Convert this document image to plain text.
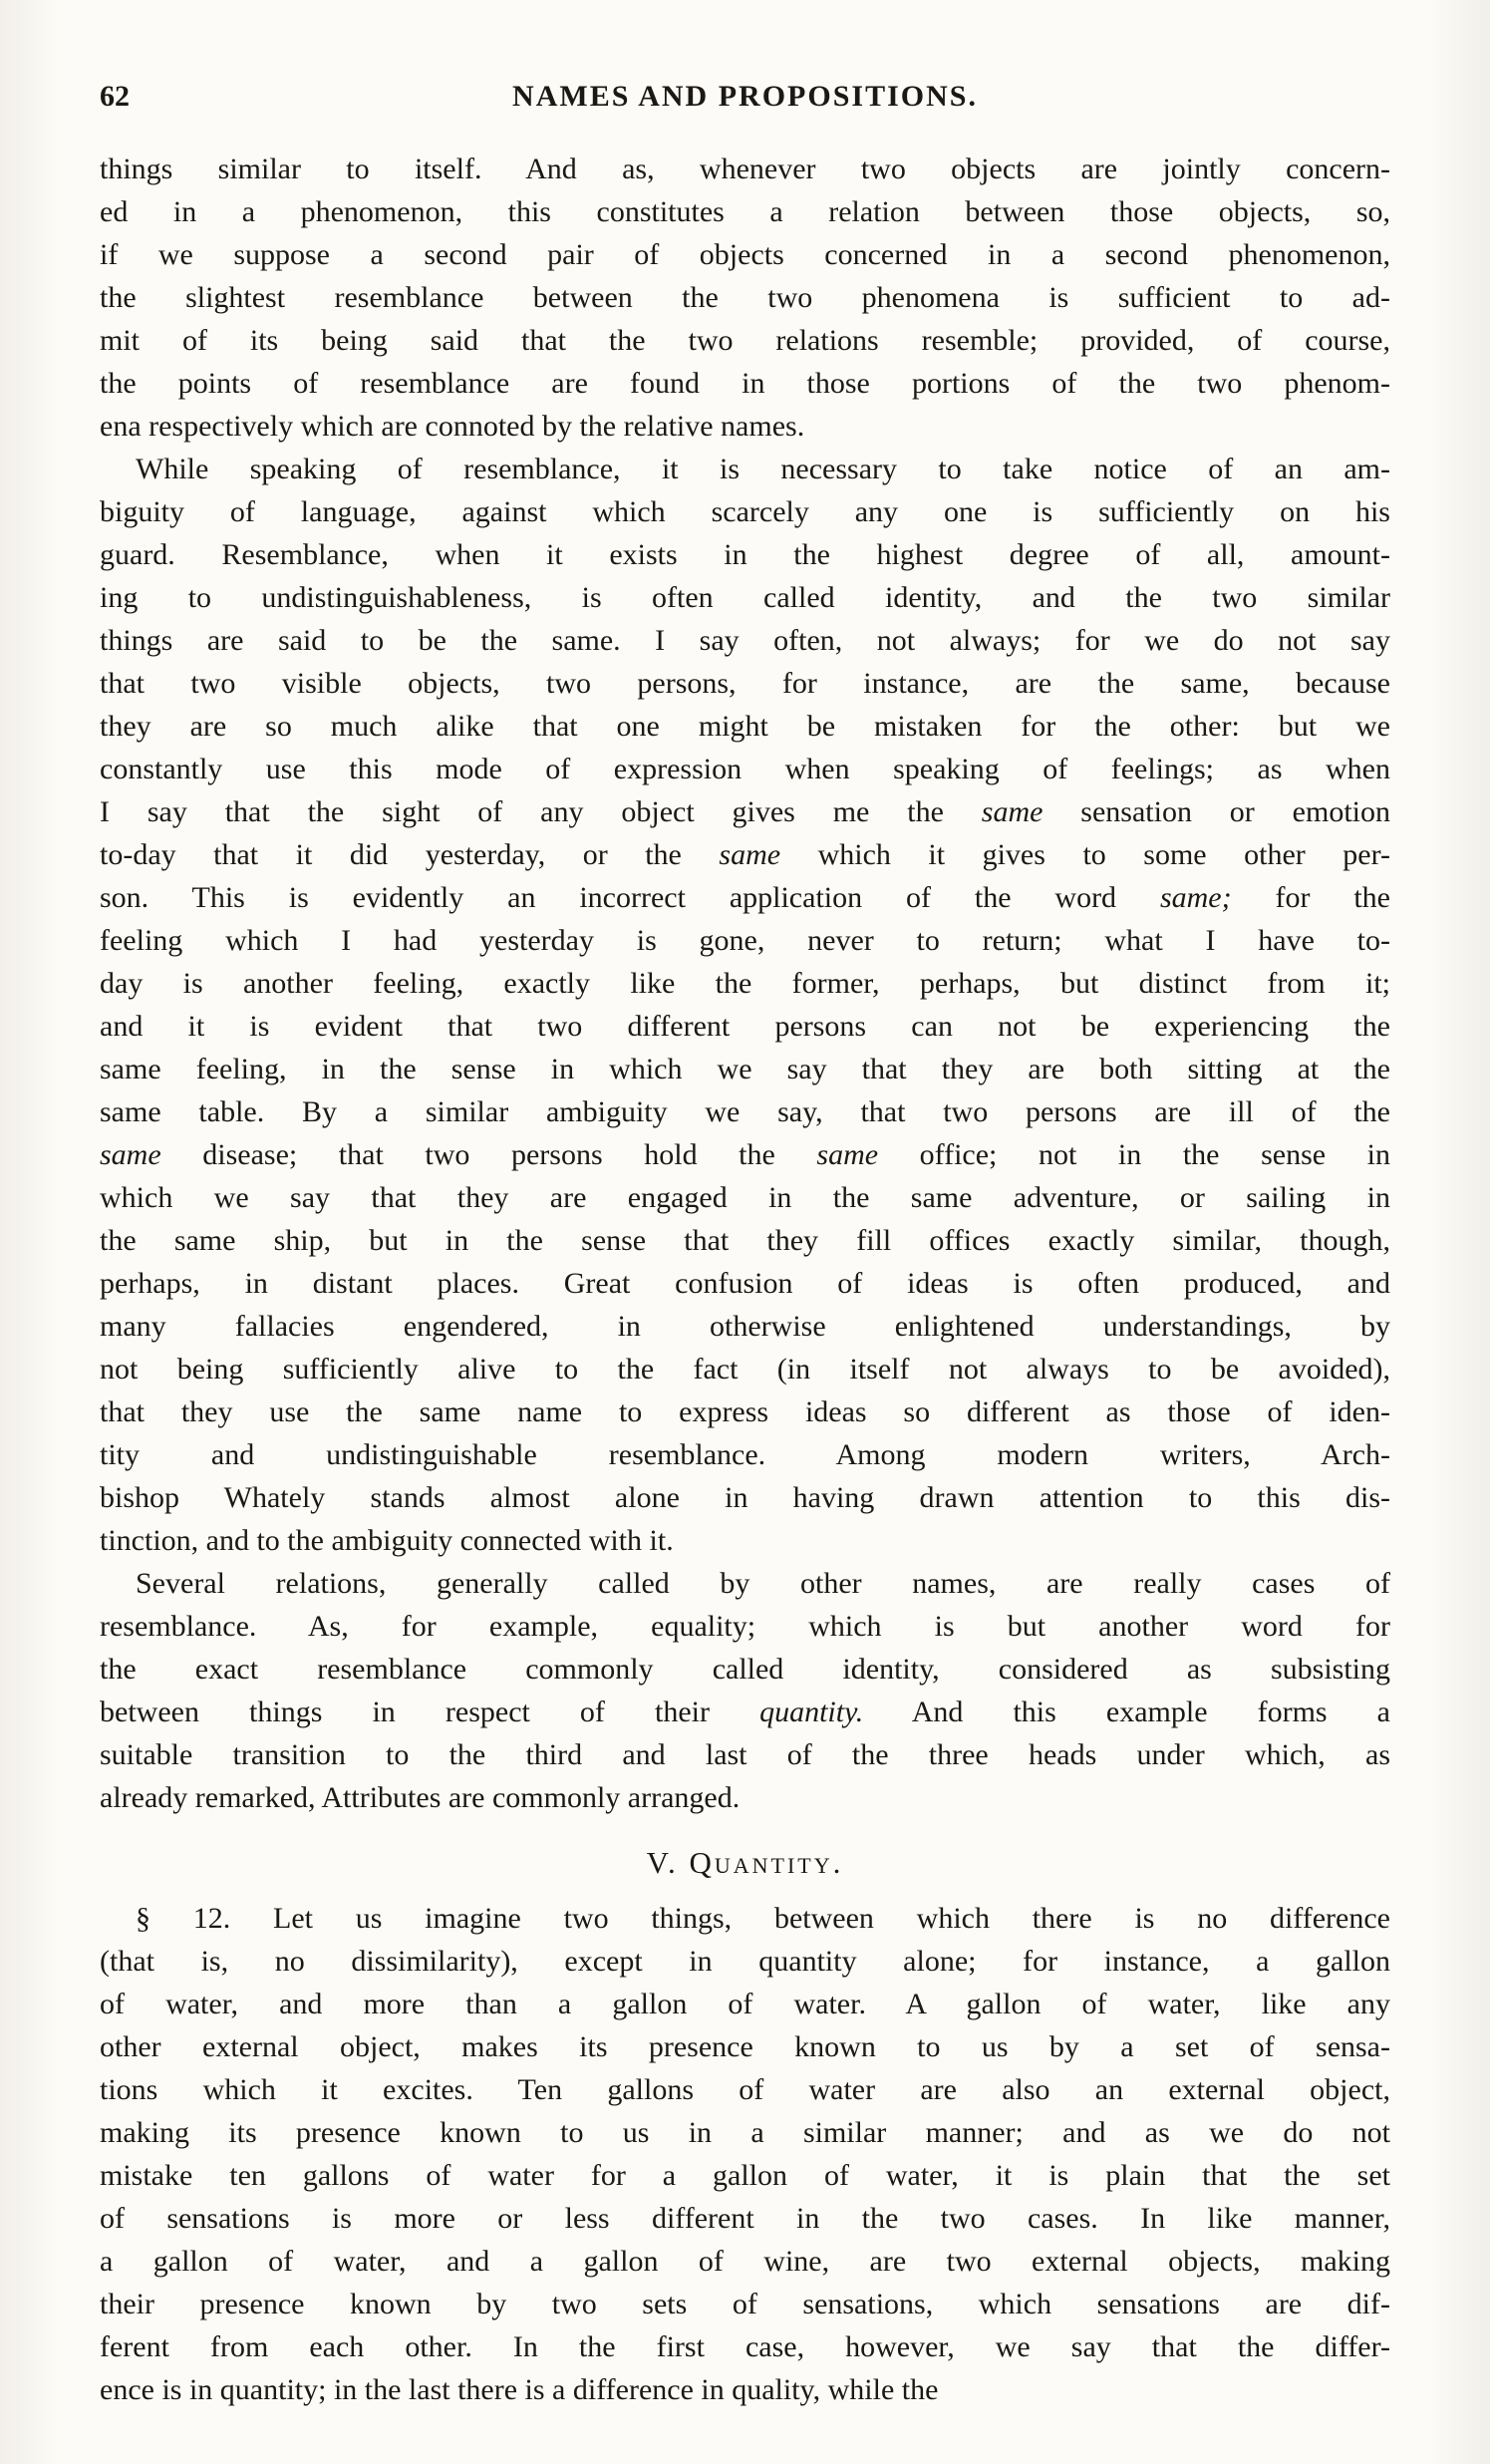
62	NAMES AND PROPOSITIONS.
things similar to itself. And as, whenever two objects are jointly concern-
ed in a phenomenon, this constitutes a relation between those objects, so,
if we suppose a second pair of objects concerned in a second phenomenon,
the slightest resemblance between the two phenomena is sufficient to ad-
mit of its being said that the two relations resemble; provided, of course,
the points of resemblance are found in those portions of the two phenom-
ena respectively which are connoted by the relative names.
While speaking of resemblance, it is necessary to take notice of an am-
biguity of language, against which scarcely any one is sufficiently on his
guard. Resemblance, when it exists in the highest degree of all, amount-
ing to undistinguishableness, is often called identity, and the two similar
things are said to be the same. I say often, not always; for we do not say
that two visible objects, two persons, for instance, are the same, because
they are so much alike that one might be mistaken for the other: but we
constantly use this mode of expression when speaking of feelings; as when
I say that the sight of any object gives me the same sensation or emotion
to-day that it did yesterday, or the same which it gives to some other per-
son. This is evidently an incorrect application of the word same; for the
feeling which I had yesterday is gone, never to return; what I have to-
day is another feeling, exactly like the former, perhaps, but distinct from it;
and it is evident that two different persons can not be experiencing the
same feeling, in the sense in which we say that they are both sitting at the
same table. By a similar ambiguity we say, that two persons are ill of the
same disease; that two persons hold the same office; not in the sense in
which we say that they are engaged in the same adventure, or sailing in
the same ship, but in the sense that they fill offices exactly similar, though,
perhaps, in distant places. Great confusion of ideas is often produced, and
many fallacies engendered, in otherwise enlightened understandings, by
not being sufficiently alive to the fact (in itself not always to be avoided),
that they use the same name to express ideas so different as those of iden-
tity and undistinguishable resemblance. Among modern writers, Arch-
bishop Whately stands almost alone in having drawn attention to this dis-
tinction, and to the ambiguity connected with it.
Several relations, generally called by other names, are really cases of
resemblance. As, for example, equality; which is but another word for
the exact resemblance commonly called identity, considered as subsisting
between things in respect of their quantity. And this example forms a
suitable transition to the third and last of the three heads under which, as
already remarked, Attributes are commonly arranged.
V. Quantity.
§ 12. Let us imagine two things, between which there is no difference
(that is, no dissimilarity), except in quantity alone; for instance, a gallon
of water, and more than a gallon of water. A gallon of water, like any
other external object, makes its presence known to us by a set of sensa-
tions which it excites. Ten gallons of water are also an external object,
making its presence known to us in a similar manner; and as we do not
mistake ten gallons of water for a gallon of water, it is plain that the set
of sensations is more or less different in the two cases. In like manner,
a gallon of water, and a gallon of wine, are two external objects, making
their presence known by two sets of sensations, which sensations are dif-
ferent from each other. In the first case, however, we say that the differ-
ence is in quantity; in the last there is a difference in quality, while the
